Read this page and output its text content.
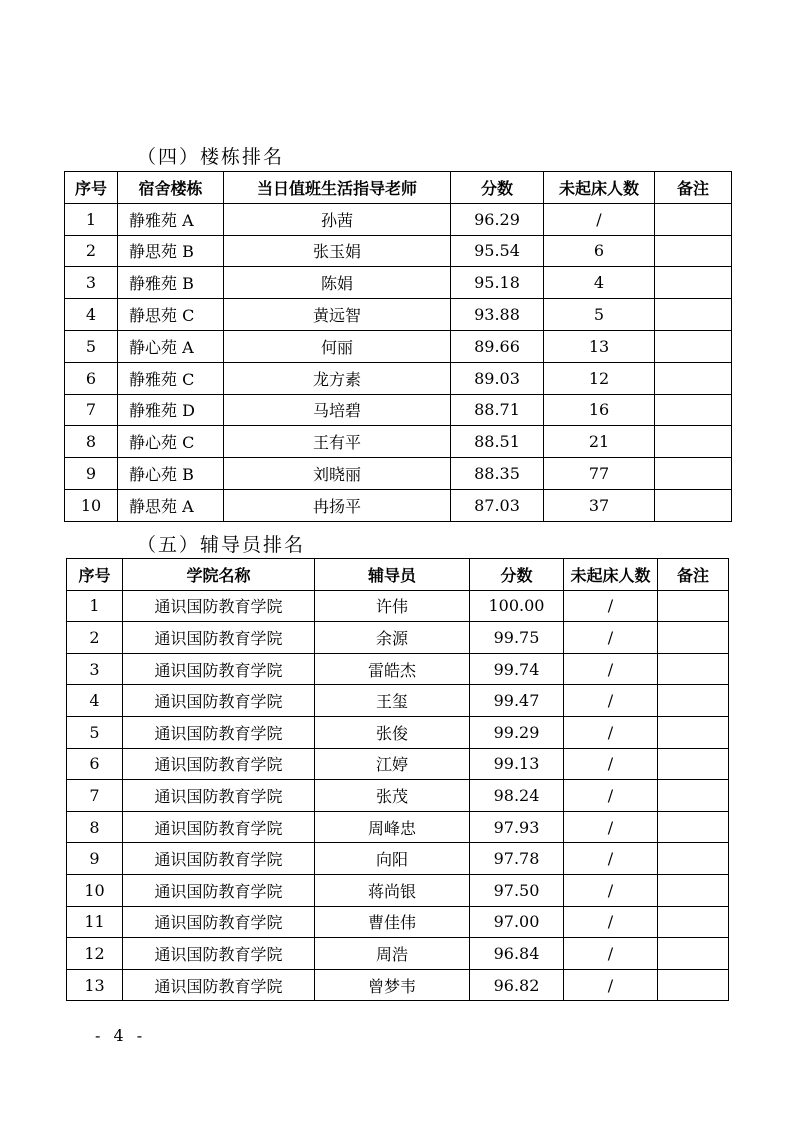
（四）楼栋排名
序号	宿舍楼栋	当日值班生活指导老师	分数	未起床人数	备注
1	静雅苑 A	孙茜	96.29	/	
2	静思苑 B	张玉娟	95.54	6	
3	静雅苑 B	陈娟	95.18	4	
4	静思苑 C	黄远智	93.88	5	
5	静心苑 A	何丽	89.66	13	
6	静雅苑 C	龙方素	89.03	12	
7	静雅苑 D	马培碧	88.71	16	
8	静心苑 C	王有平	88.51	21	
9	静心苑 B	刘晓丽	88.35	77	
10	静思苑 A	冉扬平	87.03	37	
（五）辅导员排名
序号	学院名称	辅导员	分数	未起床人数	备注
1	通识国防教育学院	许伟	100.00	/	
2	通识国防教育学院	余源	99.75	/	
3	通识国防教育学院	雷皓杰	99.74	/	
4	通识国防教育学院	王玺	99.47	/	
5	通识国防教育学院	张俊	99.29	/	
6	通识国防教育学院	江婷	99.13	/	
7	通识国防教育学院	张茂	98.24	/	
8	通识国防教育学院	周峰忠	97.93	/	
9	通识国防教育学院	向阳	97.78	/	
10	通识国防教育学院	蒋尚银	97.50	/	
11	通识国防教育学院	曹佳伟	97.00	/	
12	通识国防教育学院	周浩	96.84	/	
13	通识国防教育学院	曾梦韦	96.82	/	
- 4 -
